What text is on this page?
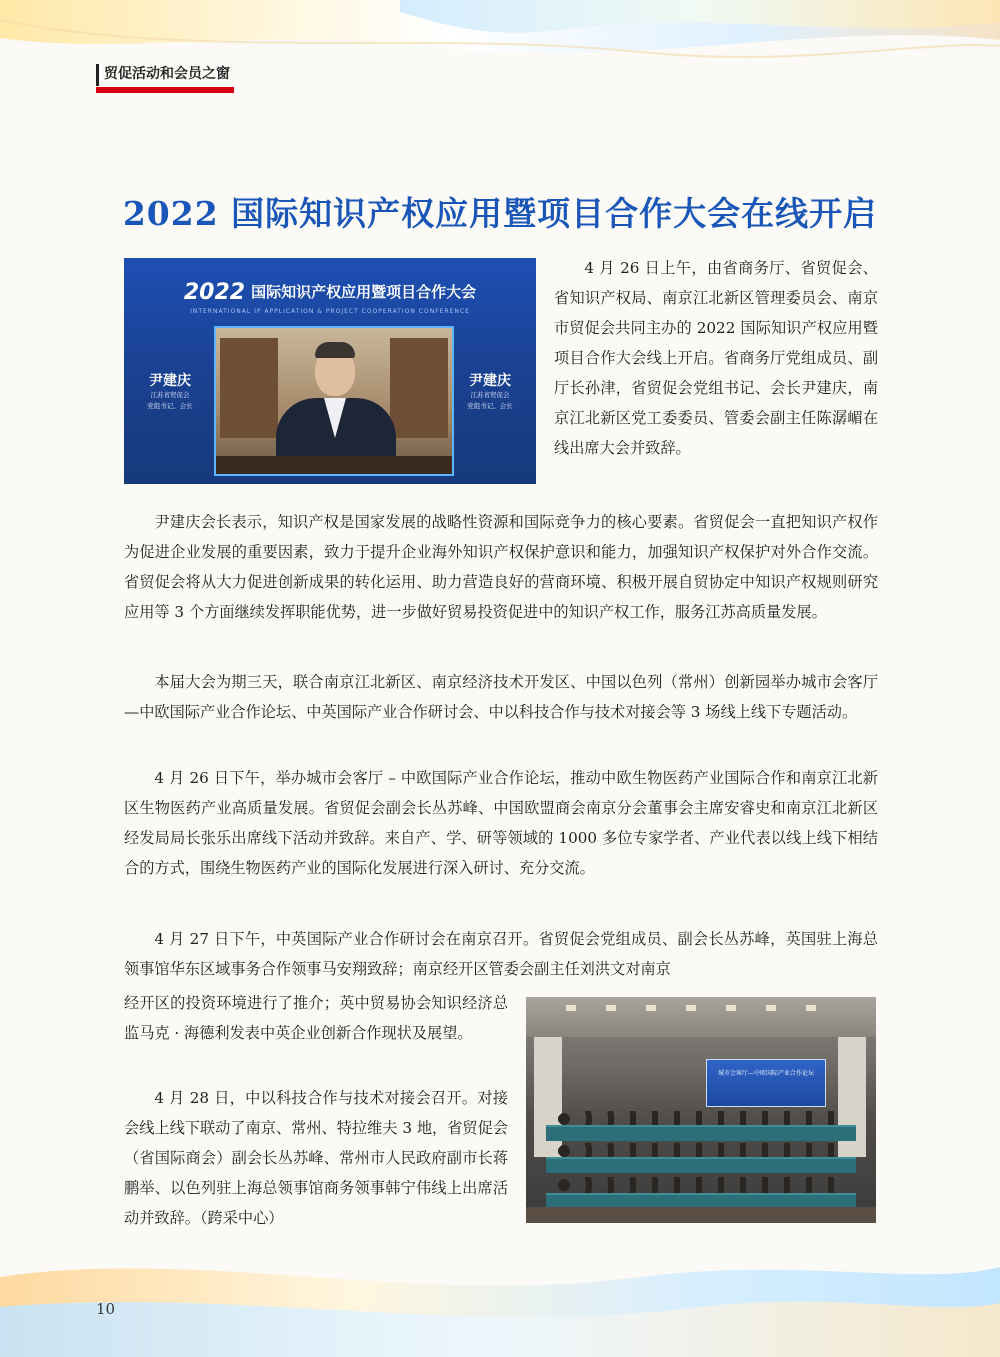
贸促活动和会员之窗
2022 国际知识产权应用暨项目合作大会在线开启
2022 国际知识产权应用暨项目合作大会
INTERNATIONAL IP APPLICATION & PROJECT COOPERATION CONFERENCE
尹建庆
江苏省贸促会
党组书记、会长
尹建庆
江苏省贸促会
党组书记、会长

4 月 26 日上午，由省商务厅、省贸促会、省知识产权局、南京江北新区管理委员会、南京市贸促会共同主办的 2022 国际知识产权应用暨项目合作大会线上开启。省商务厅党组成员、副厅长孙津，省贸促会党组书记、会长尹建庆，南京江北新区党工委委员、管委会副主任陈潺嵋在线出席大会并致辞。

尹建庆会长表示，知识产权是国家发展的战略性资源和国际竞争力的核心要素。省贸促会一直把知识产权作为促进企业发展的重要因素，致力于提升企业海外知识产权保护意识和能力，加强知识产权保护对外合作交流。省贸促会将从大力促进创新成果的转化运用、助力营造良好的营商环境、积极开展自贸协定中知识产权规则研究应用等 3 个方面继续发挥职能优势，进一步做好贸易投资促进中的知识产权工作，服务江苏高质量发展。

本届大会为期三天，联合南京江北新区、南京经济技术开发区、中国以色列（常州）创新园举办城市会客厅—中欧国际产业合作论坛、中英国际产业合作研讨会、中以科技合作与技术对接会等 3 场线上线下专题活动。

4 月 26 日下午，举办城市会客厅 – 中欧国际产业合作论坛，推动中欧生物医药产业国际合作和南京江北新区生物医药产业高质量发展。省贸促会副会长丛苏峰、中国欧盟商会南京分会董事会主席安睿史和南京江北新区经发局局长张乐出席线下活动并致辞。来自产、学、研等领域的 1000 多位专家学者、产业代表以线上线下相结合的方式，围绕生物医药产业的国际化发展进行深入研讨、充分交流。

4 月 27 日下午，中英国际产业合作研讨会在南京召开。省贸促会党组成员、副会长丛苏峰，英国驻上海总领事馆华东区域事务合作领事马安翔致辞；南京经开区管委会副主任刘洪文对南京

经开区的投资环境进行了推介；英中贸易协会知识经济总监马克 · 海德利发表中英企业创新合作现状及展望。

4 月 28 日，中以科技合作与技术对接会召开。对接会线上线下联动了南京、常州、特拉维夫 3 地，省贸促会（省国际商会）副会长丛苏峰、常州市人民政府副市长蒋鹏举、以色列驻上海总领事馆商务领事韩宁伟线上出席活动并致辞。（跨采中心）

城市会客厅—中欧国际产业合作论坛
10
